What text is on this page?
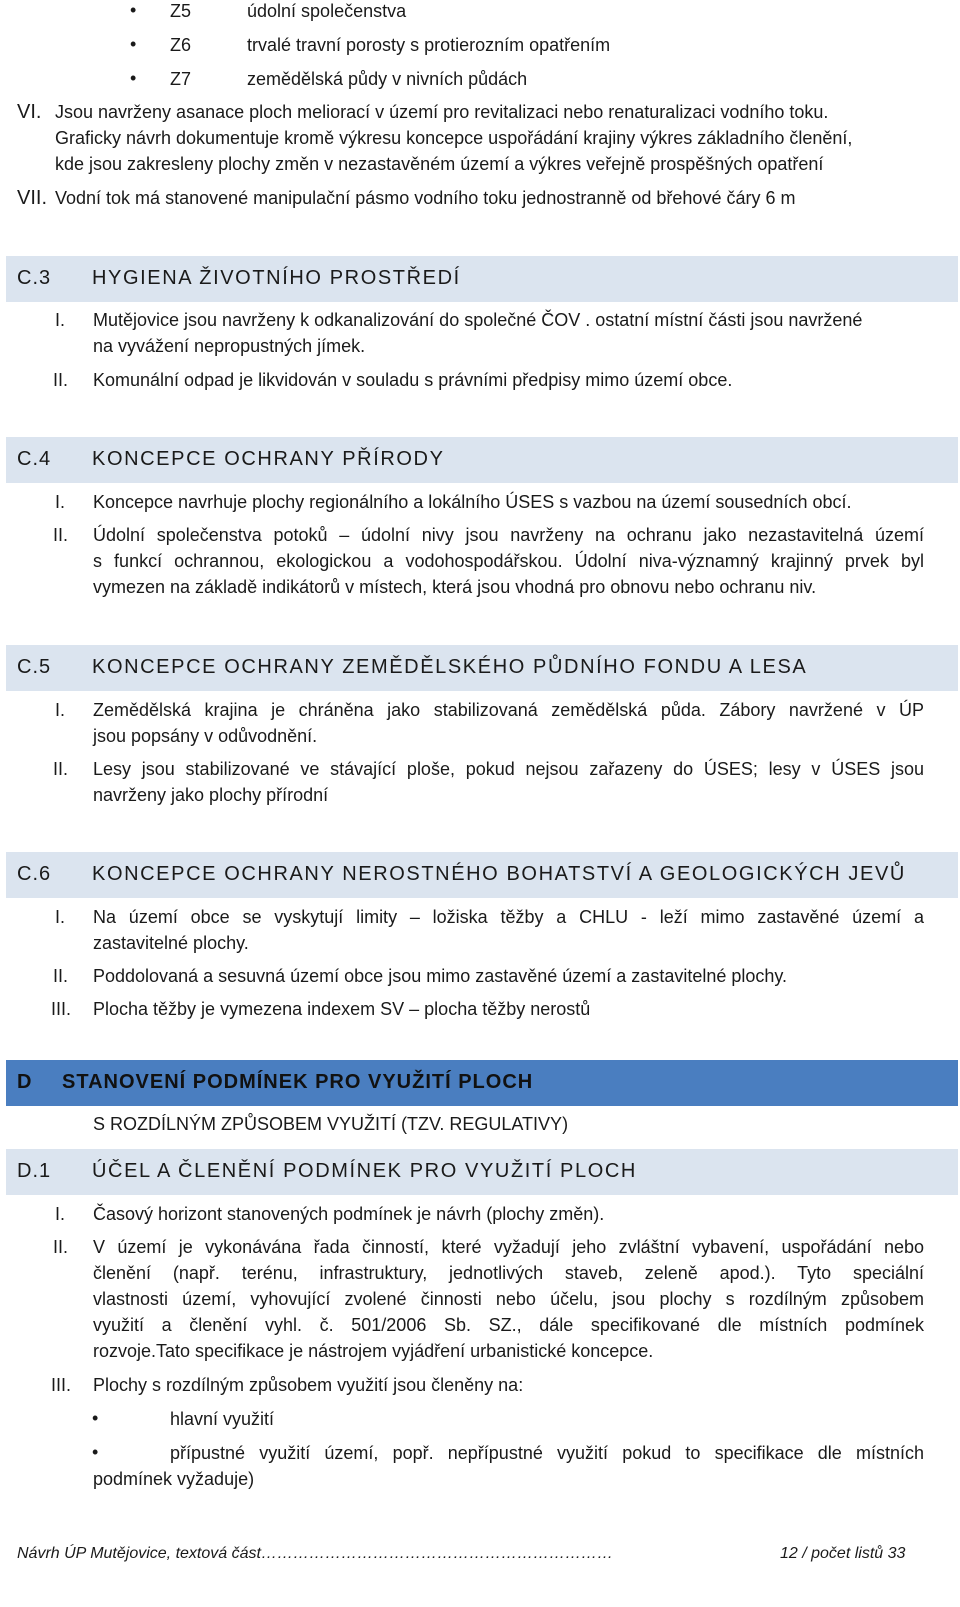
• Z5	údolní společenstva
• Z6	trvalé travní porosty s protierozním opatřením
• Z7	zemědělská půdy v nivních půdách
VI. Jsou navrženy asanace ploch meliorací v území pro revitalizaci nebo renaturalizaci vodního toku.
Graficky návrh dokumentuje kromě výkresu koncepce uspořádání krajiny výkres základního členění,
kde jsou zakresleny plochy změn v nezastavěném území a výkres veřejně prospěšných opatření
VII. Vodní tok má stanovené manipulační pásmo vodního toku jednostranně od břehové čáry 6 m
C.3 HYGIENA ŽIVOTNÍHO PROSTŘEDÍ
I. Mutějovice jsou navrženy k odkanalizování do společné ČOV . ostatní místní části jsou navržené
na vyvážení nepropustných jímek.
II. Komunální odpad je likvidován v souladu s právními předpisy mimo území obce.
C.4 KONCEPCE OCHRANY PŘÍRODY
I. Koncepce navrhuje plochy regionálního a lokálního ÚSES s vazbou na území sousedních obcí.
II. Údolní společenstva potoků – údolní nivy jsou navrženy na ochranu jako nezastavitelná území
s funkcí ochrannou, ekologickou a vodohospodářskou. Údolní niva-významný krajinný prvek byl
vymezen na základě indikátorů v místech, která jsou vhodná pro obnovu nebo ochranu niv.
C.5 KONCEPCE OCHRANY ZEMĚDĚLSKÉHO PŮDNÍHO FONDU A LESA
I. Zemědělská krajina je chráněna jako stabilizovaná zemědělská půda. Zábory navržené v ÚP
jsou popsány v odůvodnění.
II. Lesy jsou stabilizované ve stávající ploše, pokud nejsou zařazeny do ÚSES; lesy v ÚSES jsou
navrženy jako plochy přírodní
C.6 KONCEPCE OCHRANY NEROSTNÉHO BOHATSTVÍ A GEOLOGICKÝCH JEVŮ
I. Na území obce se vyskytují limity – ložiska těžby a CHLU - leží mimo zastavěné území a
zastavitelné plochy.
II. Poddolovaná a sesuvná území obce jsou mimo zastavěné území a zastavitelné plochy.
III. Plocha těžby je vymezena indexem SV – plocha těžby nerostů
D STANOVENÍ PODMÍNEK PRO VYUŽITÍ PLOCH
S ROZDÍLNÝM ZPŮSOBEM VYUŽITÍ (TZV. REGULATIVY)
D.1 ÚČEL A ČLENĚNÍ PODMÍNEK PRO VYUŽITÍ PLOCH
I. Časový horizont stanovených podmínek je návrh (plochy změn).
II. V území je vykonávána řada činností, které vyžadují jeho zvláštní vybavení, uspořádání nebo
členění (např. terénu, infrastruktury, jednotlivých staveb, zeleně apod.). Tyto speciální
vlastnosti území, vyhovující zvolené činnosti nebo účelu, jsou plochy s rozdílným způsobem
využití a členění vyhl. č. 501/2006 Sb. SZ., dále specifikované dle místních podmínek
rozvoje.Tato specifikace je nástrojem vyjádření urbanistické koncepce.
III. Plochy s rozdílným způsobem využití jsou členěny na:
•	hlavní využití
•	přípustné využití území, popř. nepřípustné využití pokud to specifikace dle místních
podmínek vyžaduje)
Návrh ÚP Mutějovice, textová část…………………………………………………………	12 / počet listů 33
